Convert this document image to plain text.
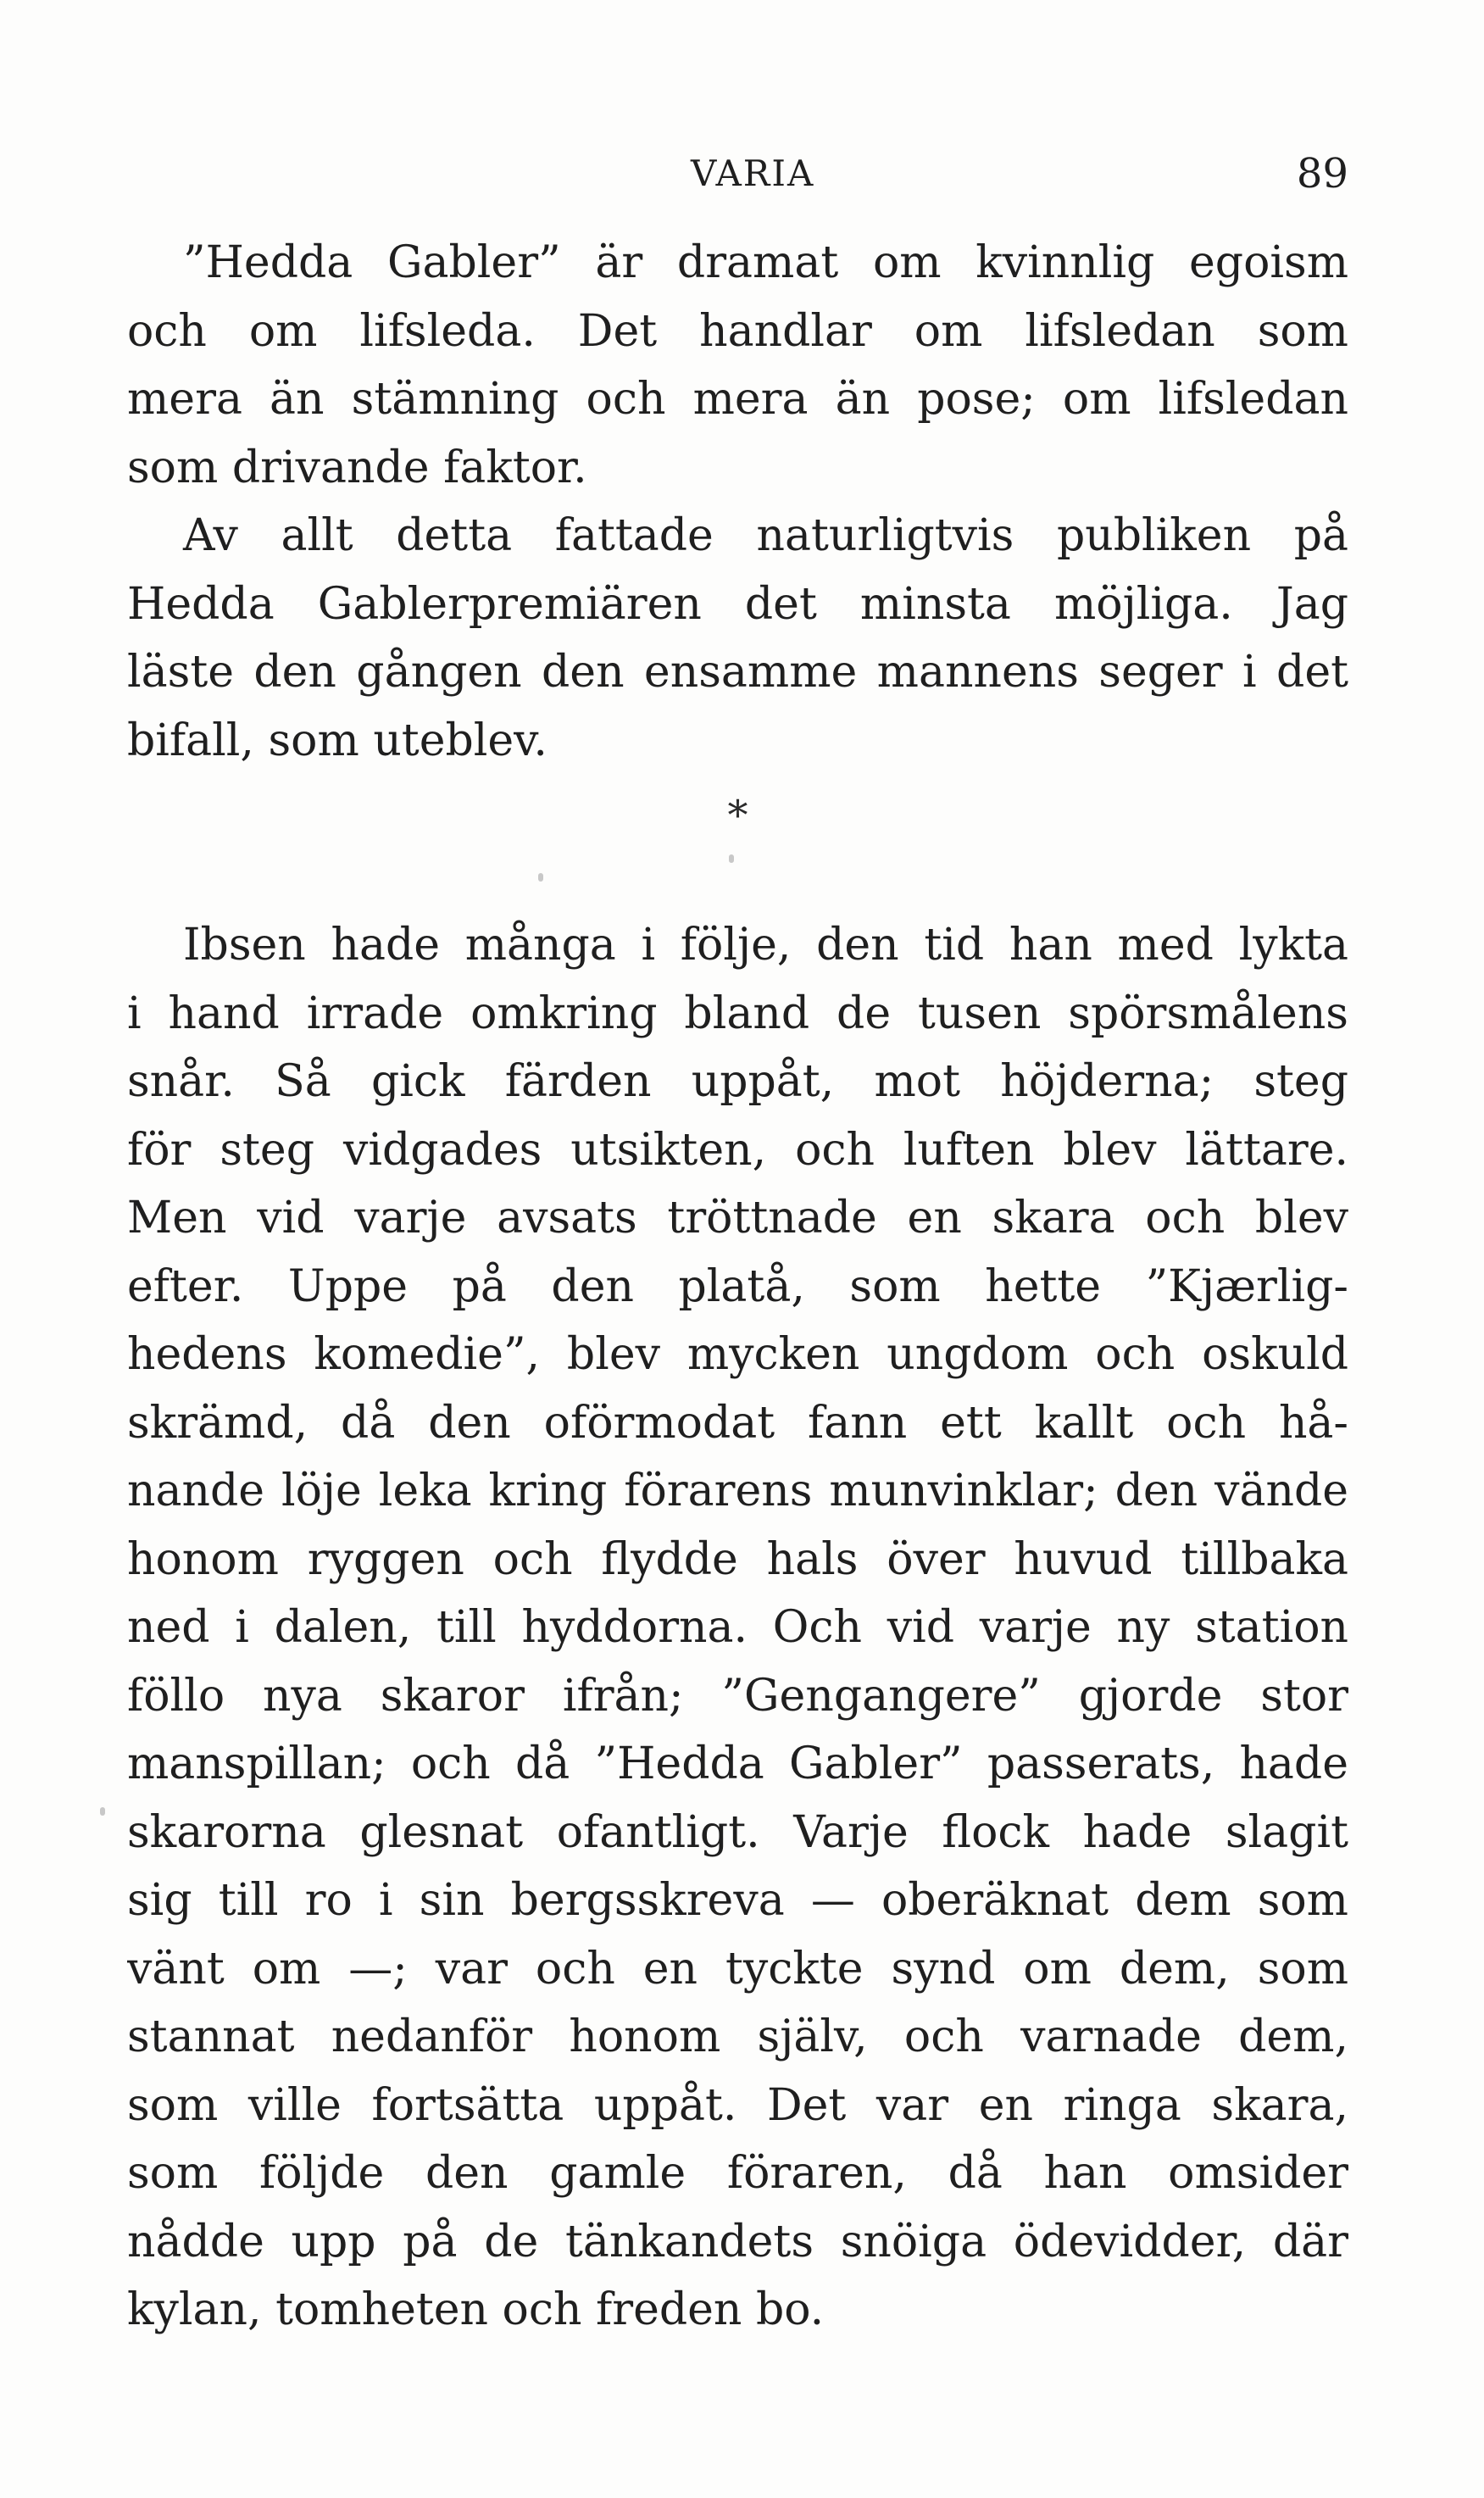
VARIA	89
”Hedda Gabler” är dramat om kvinnlig egoism
och om lifsleda. Det handlar om lifsledan som
mera än stämning och mera än pose; om lifsledan
som drivande faktor.
Av allt detta fattade naturligtvis publiken på
Hedda Gablerpremiären det minsta möjliga. Jag
läste den gången den ensamme mannens seger i det
bifall, som uteblev.
*
Ibsen hade många i följe, den tid han med lykta
i hand irrade omkring bland de tusen spörsmålens
snår. Så gick färden uppåt, mot höjderna; steg
för steg vidgades utsikten, och luften blev lättare.
Men vid varje avsats tröttnade en skara och blev
efter. Uppe på den platå, som hette ”Kjærlig-
hedens komedie”, blev mycken ungdom och oskuld
skrämd, då den oförmodat fann ett kallt och hå-
nande löje leka kring förarens munvinklar; den vände
honom ryggen och flydde hals över huvud tillbaka
ned i dalen, till hyddorna. Och vid varje ny station
föllo nya skaror ifrån; ”Gengangere” gjorde stor
manspillan; och då ”Hedda Gabler” passerats, hade
skarorna glesnat ofantligt. Varje flock hade slagit
sig till ro i sin bergsskreva — oberäknat dem som
vänt om —; var och en tyckte synd om dem, som
stannat nedanför honom själv, och varnade dem,
som ville fortsätta uppåt. Det var en ringa skara,
som följde den gamle föraren, då han omsider
nådde upp på de tänkandets snöiga ödevidder, där
kylan, tomheten och freden bo.
